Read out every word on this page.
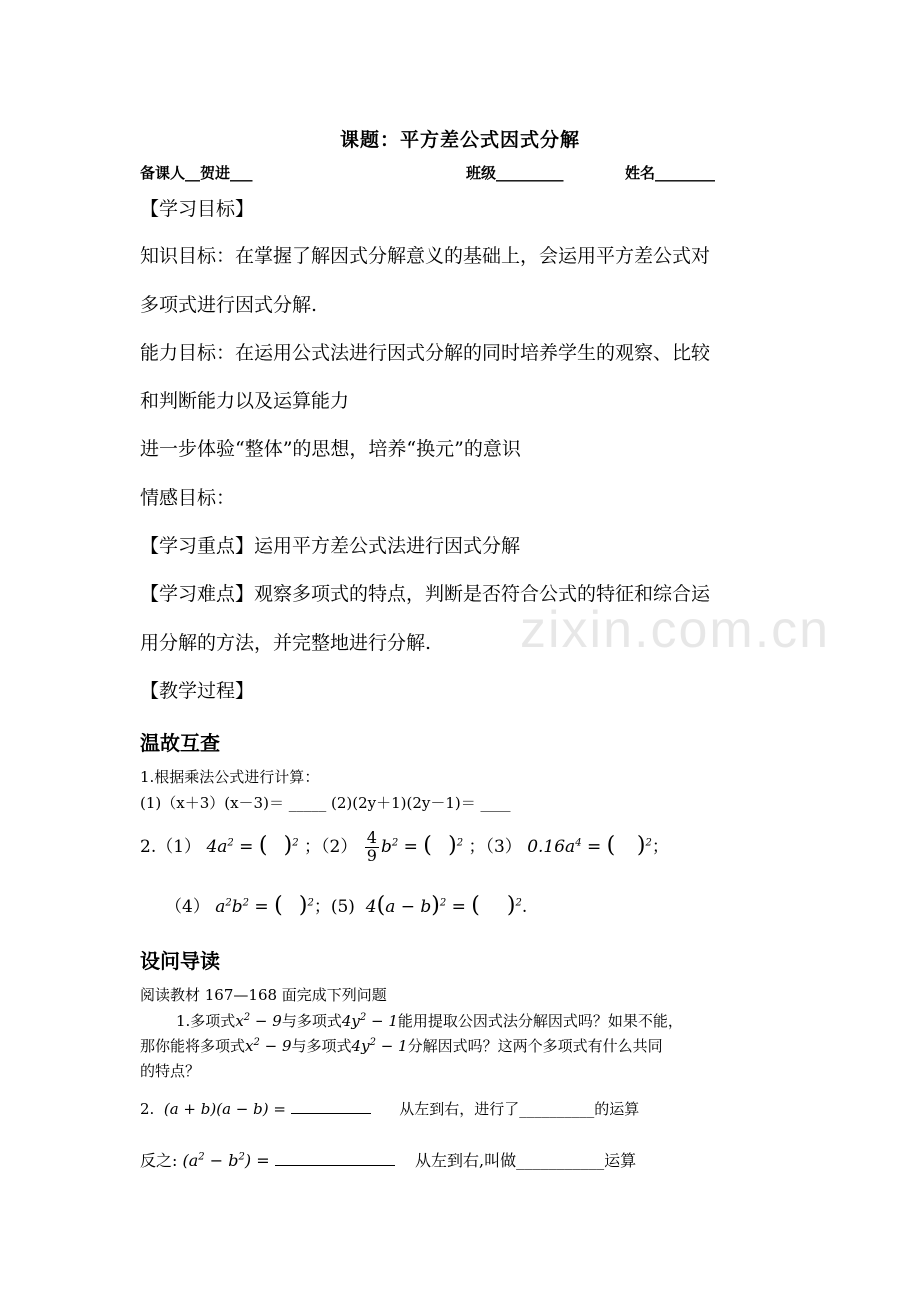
课题：平方差公式因式分解
备课人__贺进___	班级_________	姓名________
【学习目标】
知识目标：在掌握了解因式分解意义的基础上，会运用平方差公式对
多项式进行因式分解.
能力目标：在运用公式法进行因式分解的同时培养学生的观察、比较
和判断能力以及运算能力
进一步体验“整体”的思想，培养“换元”的意识
情感目标：
【学习重点】运用平方差公式法进行因式分解
【学习难点】观察多项式的特点，判断是否符合公式的特征和综合运
用分解的方法，并完整地进行分解.
【教学过程】
温故互查
1.根据乘法公式进行计算：
(1)（x＋3）(x－3)＝ _____ (2)(2y＋1)(2y－1)＝ ____
2.（1） $4a^2$ = ( )$^2$ ；$(2) \frac{4}{9} b^2$ = ( )$^2$ ；（3） $0.16a^4$ = ( )$^2$；
（4） $a^2b^2$ = ( )$^2$；(5)  $4(a - b)^2$ = ( )$^2$.
设问导读
阅读教材 167—168 面完成下列问题
1.多项式$x^2 - 9$与多项式$4y^2 - 1$能用提取公因式法分解因式吗？如果不能，
那你能将多项式$x^2 - 9$与多项式$4y^2 - 1$分解因式吗？这两个多项式有什么共同
的特点？
2.  (a + b)(a − b) =	从左到右，进行了__________的运算
反之: $(a^2 - b^2)$ =	从左到右,叫做___________运算
zixin.com.cn
